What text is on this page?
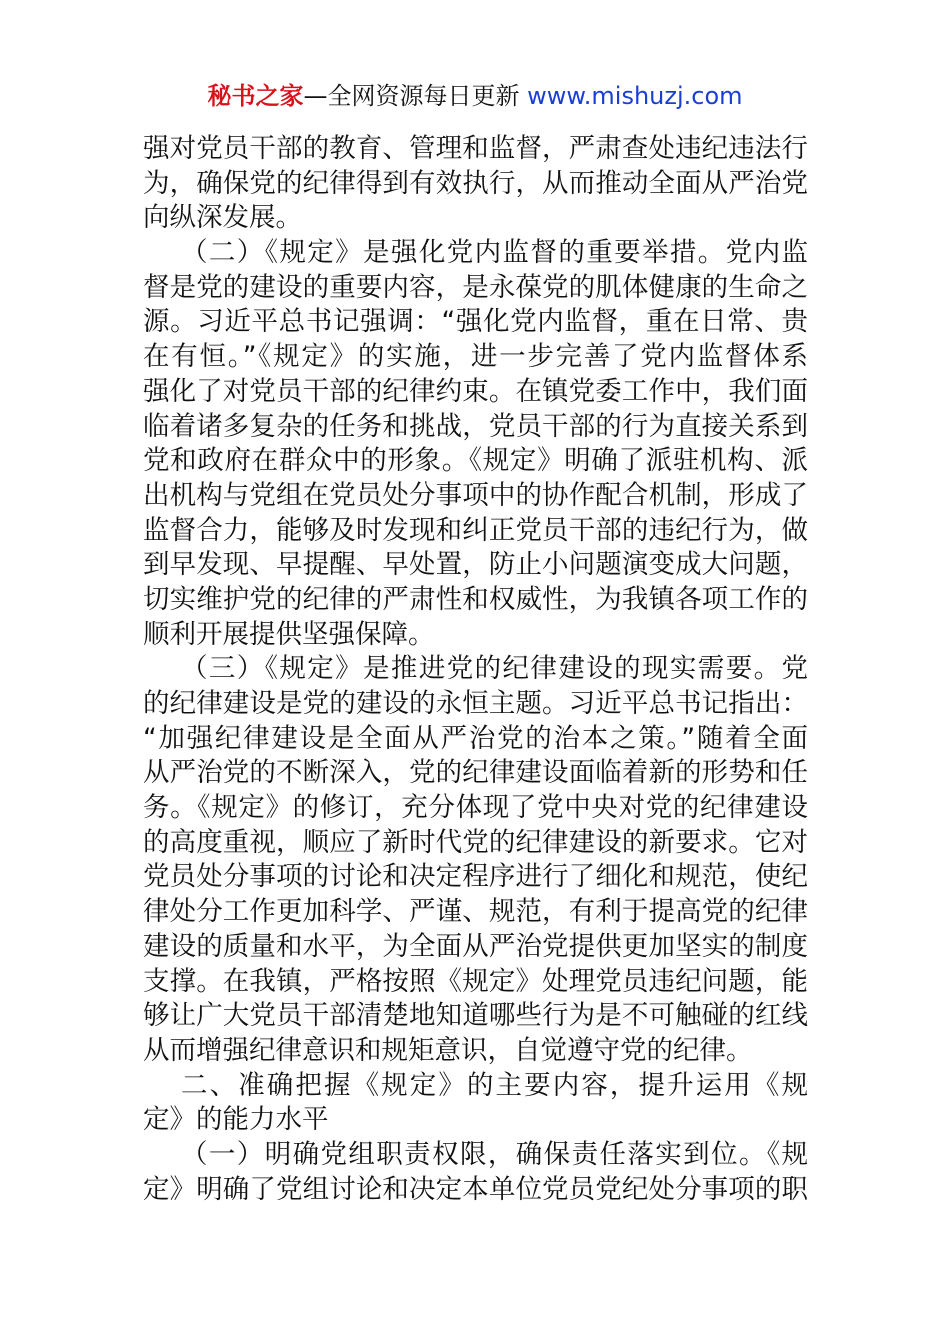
秘书之家—全网资源每日更新 www.mishuzj.com
强对党员干部的教育、管理和监督，严肃查处违纪违法行
为，确保党的纪律得到有效执行，从而推动全面从严治党
向纵深发展。
（二）《规定》是强化党内监督的重要举措。党内监
督是党的建设的重要内容，是永葆党的肌体健康的生命之
源。习近平总书记强调：“强化党内监督，重在日常、贵
在有恒。”《规定》的实施，进一步完善了党内监督体系
强化了对党员干部的纪律约束。在镇党委工作中，我们面
临着诸多复杂的任务和挑战，党员干部的行为直接关系到
党和政府在群众中的形象。《规定》明确了派驻机构、派
出机构与党组在党员处分事项中的协作配合机制，形成了
监督合力，能够及时发现和纠正党员干部的违纪行为，做
到早发现、早提醒、早处置，防止小问题演变成大问题，
切实维护党的纪律的严肃性和权威性，为我镇各项工作的
顺利开展提供坚强保障。
（三）《规定》是推进党的纪律建设的现实需要。党
的纪律建设是党的建设的永恒主题。习近平总书记指出：
“加强纪律建设是全面从严治党的治本之策。”随着全面
从严治党的不断深入，党的纪律建设面临着新的形势和任
务。《规定》的修订，充分体现了党中央对党的纪律建设
的高度重视，顺应了新时代党的纪律建设的新要求。它对
党员处分事项的讨论和决定程序进行了细化和规范，使纪
律处分工作更加科学、严谨、规范，有利于提高党的纪律
建设的质量和水平，为全面从严治党提供更加坚实的制度
支撑。在我镇，严格按照《规定》处理党员违纪问题，能
够让广大党员干部清楚地知道哪些行为是不可触碰的红线
从而增强纪律意识和规矩意识，自觉遵守党的纪律。
二、准确把握《规定》的主要内容，提升运用《规
定》的能力水平
（一）明确党组职责权限，确保责任落实到位。《规
定》明确了党组讨论和决定本单位党员党纪处分事项的职
